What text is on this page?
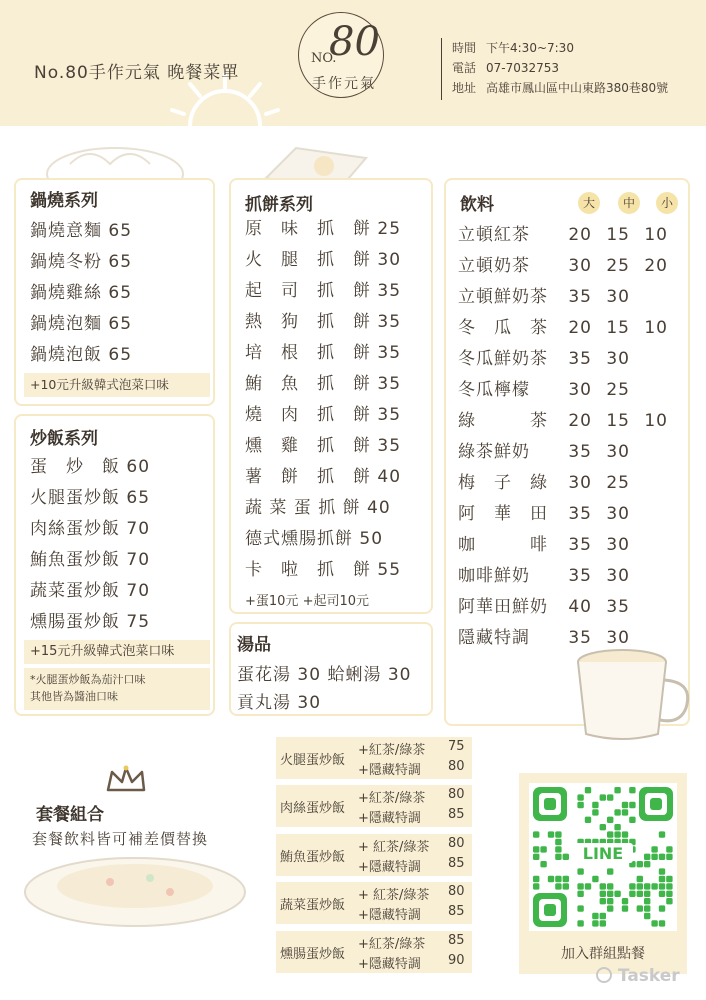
No.80手作元氣 晚餐菜單
80
NO.
手作元氣
時間 下午4:30~7:30
電話 07-7032753
地址 高雄市鳳山區中山東路380巷80號
鍋燒系列
鍋燒意麵 65
鍋燒冬粉 65
鍋燒雞絲 65
鍋燒泡麵 65
鍋燒泡飯 65
+10元升級韓式泡菜口味
炒飯系列
蛋　炒　飯 60
火腿蛋炒飯 65
肉絲蛋炒飯 70
鮪魚蛋炒飯 70
蔬菜蛋炒飯 70
燻腸蛋炒飯 75
+15元升級韓式泡菜口味
*火腿蛋炒飯為茄汁口味
其他皆為醬油口味
抓餅系列
原　味　抓　餅 25
火　腿　抓　餅 30
起　司　抓　餅 35
熱　狗　抓　餅 35
培　根　抓　餅 35
鮪　魚　抓　餅 35
燒　肉　抓　餅 35
燻　雞　抓　餅 35
薯　餅　抓　餅 40
蔬 菜 蛋 抓 餅 40
德式燻腸抓餅 50
卡　啦　抓　餅 55
+蛋10元 +起司10元
湯品
蛋花湯 30 蛤蜊湯 30
貢丸湯 30
飲料	大	中	小
立頓紅茶 20 15 10
立頓奶茶 30 25 20
立頓鮮奶茶 35 30
冬　瓜　茶 20 15 10
冬瓜鮮奶茶 35 30
冬瓜檸檬 30 25
綠　　　茶 20 15 10
綠茶鮮奶 35 30
梅　子　綠 30 25
阿　華　田 35 30
咖　　　啡 35 30
咖啡鮮奶 35 30
阿華田鮮奶 40 35
隱藏特調 35 30
套餐組合
套餐飲料皆可補差價替換
火腿蛋炒飯
+紅茶/綠茶 75
+隱藏特調 80
肉絲蛋炒飯
+紅茶/綠茶 80
+隱藏特調 85
鮪魚蛋炒飯
+ 紅茶/綠茶 80
+隱藏特調 85
蔬菜蛋炒飯
+ 紅茶/綠茶 80
+隱藏特調 85
燻腸蛋炒飯
+紅茶/綠茶 85
+隱藏特調 90
LINE
加入群組點餐
Tasker
